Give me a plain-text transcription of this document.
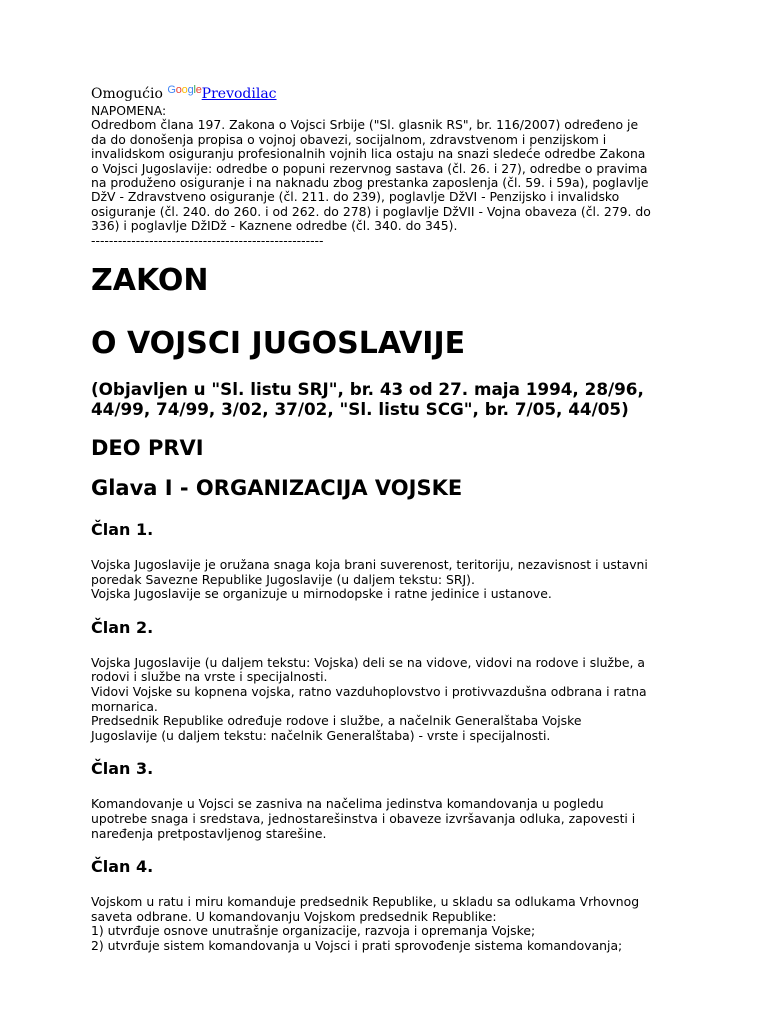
Omogućio GooglePrevodilac
NAPOMENA:
Odredbom člana 197. Zakona o Vojsci Srbije ("Sl. glasnik RS", br. 116/2007) određeno je
da do donošenja propisa o vojnoj obavezi, socijalnom, zdravstvenom i penzijskom i
invalidskom osiguranju profesionalnih vojnih lica ostaju na snazi sledeće odredbe Zakona
o Vojsci Jugoslavije: odredbe o popuni rezervnog sastava (čl. 26. i 27), odredbe o pravima
na produženo osiguranje i na naknadu zbog prestanka zaposlenja (čl. 59. i 59a), poglavlje
DžV - Zdravstveno osiguranje (čl. 211. do 239), poglavlje DžVI - Penzijsko i invalidsko
osiguranje (čl. 240. do 260. i od 262. do 278) i poglavlje DžVII - Vojna obaveza (čl. 279. do
336) i poglavlje DžIDž - Kaznene odredbe (čl. 340. do 345).
----------------------------------------------------
ZAKON
O VOJSCI JUGOSLAVIJE
(Objavljen u "Sl. listu SRJ", br. 43 od 27. maja 1994, 28/96,
44/99, 74/99, 3/02, 37/02, "Sl. listu SCG", br. 7/05, 44/05)
DEO PRVI
Glava I - ORGANIZACIJA VOJSKE
Član 1.

Vojska Jugoslavije je oružana snaga koja brani suverenost, teritoriju, nezavisnost i ustavni
poredak Savezne Republike Jugoslavije (u daljem tekstu: SRJ).
Vojska Jugoslavije se organizuje u mirnodopske i ratne jedinice i ustanove.

Član 2.

Vojska Jugoslavije (u daljem tekstu: Vojska) deli se na vidove, vidovi na rodove i službe, a
rodovi i službe na vrste i specijalnosti.
Vidovi Vojske su kopnena vojska, ratno vazduhoplovstvo i protivvazdušna odbrana i ratna
mornarica.
Predsednik Republike određuje rodove i službe, a načelnik Generalštaba Vojske
Jugoslavije (u daljem tekstu: načelnik Generalštaba) - vrste i specijalnosti.

Član 3.

Komandovanje u Vojsci se zasniva na načelima jedinstva komandovanja u pogledu
upotrebe snaga i sredstava, jednostarešinstva i obaveze izvršavanja odluka, zapovesti i
naređenja pretpostavljenog starešine.

Član 4.

Vojskom u ratu i miru komanduje predsednik Republike, u skladu sa odlukama Vrhovnog
saveta odbrane. U komandovanju Vojskom predsednik Republike:
1) utvrđuje osnove unutrašnje organizacije, razvoja i opremanja Vojske;
2) utvrđuje sistem komandovanja u Vojsci i prati sprovođenje sistema komandovanja;
